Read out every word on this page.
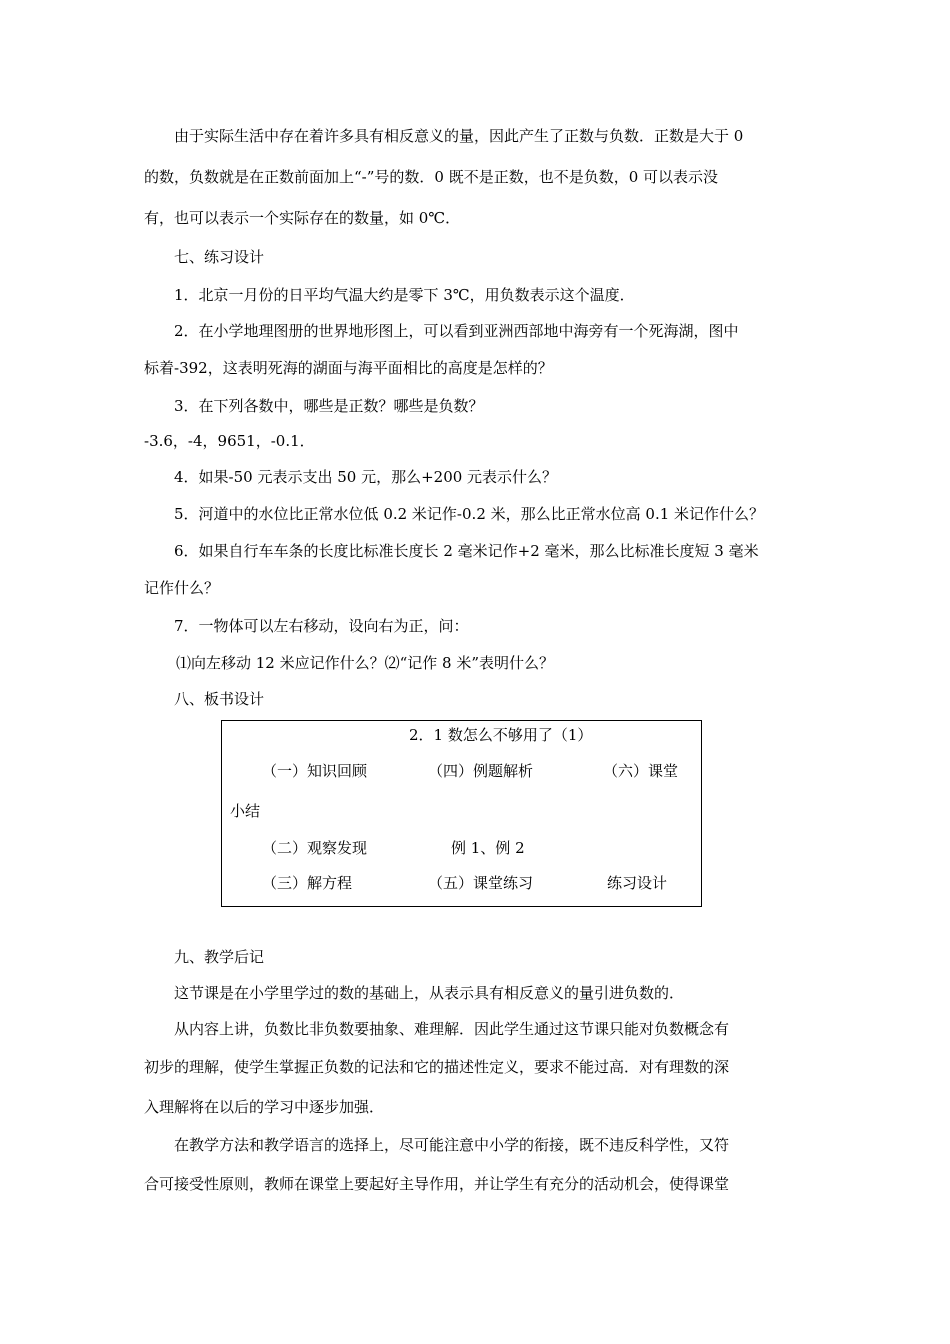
由于实际生活中存在着许多具有相反意义的量，因此产生了正数与负数．正数是大于 0
的数，负数就是在正数前面加上“-”号的数．0 既不是正数，也不是负数，0 可以表示没
有，也可以表示一个实际存在的数量，如 0℃．
七、练习设计
1．北京一月份的日平均气温大约是零下 3℃，用负数表示这个温度．
2．在小学地理图册的世界地形图上，可以看到亚洲西部地中海旁有一个死海湖，图中
标着-392，这表明死海的湖面与海平面相比的高度是怎样的？
3．在下列各数中，哪些是正数？哪些是负数？
-3.6，-4，9651，-0.1．
4．如果-50 元表示支出 50 元，那么+200 元表示什么？
5．河道中的水位比正常水位低 0.2 米记作-0.2 米，那么比正常水位高 0.1 米记作什么？
6．如果自行车车条的长度比标准长度长 2 毫米记作+2 毫米，那么比标准长度短 3 毫米
记作什么？
7．一物体可以左右移动，设向右为正，问：
⑴向左移动 12 米应记作什么？⑵“记作 8 米”表明什么？
八、板书设计
2．1 数怎么不够用了（1）
（一）知识回顾	（四）例题解析	（六）课堂
小结
（二）观察发现	例 1、例 2
（三）解方程	（五）课堂练习	练习设计
九、教学后记
这节课是在小学里学过的数的基础上，从表示具有相反意义的量引进负数的．
从内容上讲，负数比非负数要抽象、难理解．因此学生通过这节课只能对负数概念有
初步的理解，使学生掌握正负数的记法和它的描述性定义，要求不能过高．对有理数的深
入理解将在以后的学习中逐步加强．
在教学方法和教学语言的选择上，尽可能注意中小学的衔接，既不违反科学性，又符
合可接受性原则，教师在课堂上要起好主导作用，并让学生有充分的活动机会，使得课堂
